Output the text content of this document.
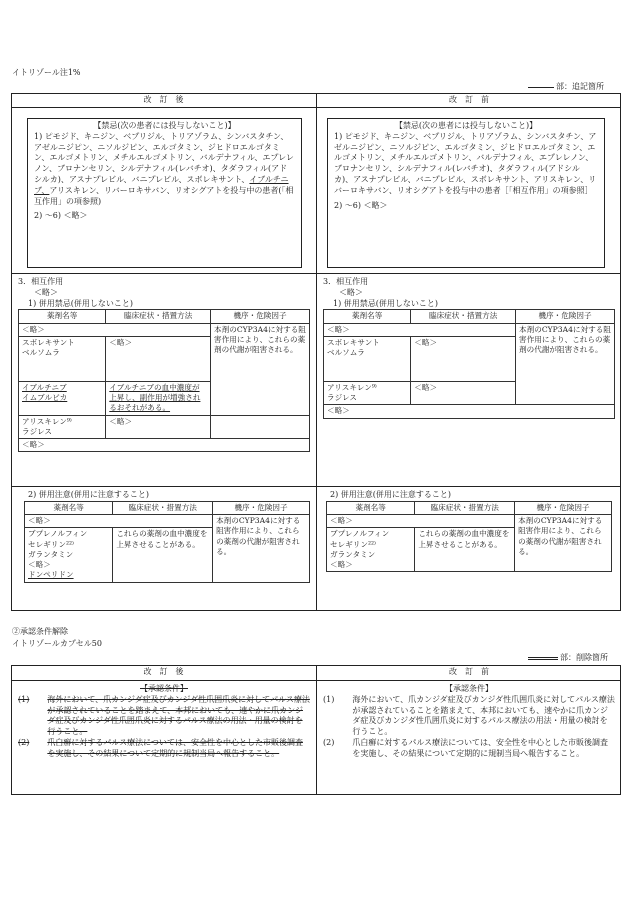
イトリゾール注1%
部：追記箇所
改　訂　後	改　訂　前
【禁忌(次の患者には投与しないこと)】
1) ピモジド、キニジン、ベプリジル、トリアゾラム、シンバスタチン、アゼルニジピン、ニソルジピン、エルゴタミン、ジヒドロエルゴタミン、エルゴメトリン、メチルエルゴメトリン、バルデナフィル、エプレレノン、ブロナンセリン、シルデナフィル(レバチオ)、タダラフィル(アドシルカ)、アスナプレビル、バニプレビル、スボレキサント、イブルチニブ、アリスキレン、リバーロキサバン、リオシグアトを投与中の患者(「相互作用」の項参照)
2) ～6) ＜略＞
【禁忌(次の患者には投与しないこと)】
1) ピモジド、キニジン、ベプリジル、トリアゾラム、シンバスタチン、アゼルニジピン、ニソルジピン、エルゴタミン、ジヒドロエルゴタミン、エルゴメトリン、メチルエルゴメトリン、バルデナフィル、エプレレノン、ブロナンセリン、シルデナフィル(レバチオ)、タダラフィル(アドシルカ)、アスナプレビル、バニプレビル、スボレキサント、アリスキレン、リバーロキサバン、リオシグアトを投与中の患者［「相互作用」の項参照］
2) ～6) ＜略＞
3．相互作用
＜略＞
1) 併用禁忌(併用しないこと)
薬剤名等	臨床症状・措置方法	機序・危険因子
＜略＞		本剤のCYP3A4に対する阻害作用により、これらの薬剤の代謝が阻害される。
スボレキサント
ベルソムラ	＜略＞	
イブルチニブ
イムブルビカ	イブルチニブの血中濃度が上昇し、副作用が増強されるおそれがある。	
アリスキレン⁹⁾
ラジレス	＜略＞	
＜略＞		
3．相互作用
＜略＞
1) 併用禁忌(併用しないこと)
薬剤名等	臨床症状・措置方法	機序・危険因子
＜略＞		本剤のCYP3A4に対する阻害作用により、これらの薬剤の代謝が阻害される。
スボレキサント
ベルソムラ	＜略＞	
アリスキレン⁹⁾
ラジレス	＜略＞	
＜略＞		
2) 併用注意(併用に注意すること)
薬剤名等	臨床症状・措置方法	機序・危険因子
＜略＞		本剤のCYP3A4に対する阻害作用により、これらの薬剤の代謝が阻害される。

ブプレノルフィン
セレギリン²²⁾
ガランタミン
＜略＞
ドンペリドン	これらの薬剤の血中濃度を上昇させることがある。	
2) 併用注意(併用に注意すること)
薬剤名等	臨床症状・措置方法	機序・危険因子
＜略＞		本剤のCYP3A4に対する阻害作用により、これらの薬剤の代謝が阻害される。

ブプレノルフィン
セレギリン²²⁾
ガランタミン
＜略＞	これらの薬剤の血中濃度を上昇させることがある。	
②承認条件解除
イトリゾールカプセル50
部：削除箇所
改　訂　後	改　訂　前
【承認条件】
(1)	海外において、爪カンジダ症及びカンジダ性爪囲爪炎に対してパルス療法が承認されていることを踏まえて、本邦においても、速やかに爪カンジダ症及びカンジダ性爪囲爪炎に対するパルス療法の用法・用量の検討を行うこと。
(2)	爪白癬に対するパルス療法については、安全性を中心とした市販後調査を実施し、その結果について定期的に規制当局へ報告すること。
【承認条件】
(1)	海外において、爪カンジダ症及びカンジダ性爪囲爪炎に対してパルス療法が承認されていることを踏まえて、本邦においても、速やかに爪カンジダ症及びカンジダ性爪囲爪炎に対するパルス療法の用法・用量の検討を行うこと。
(2)	爪白癬に対するパルス療法については、安全性を中心とした市販後調査を実施し、その結果について定期的に規制当局へ報告すること。
